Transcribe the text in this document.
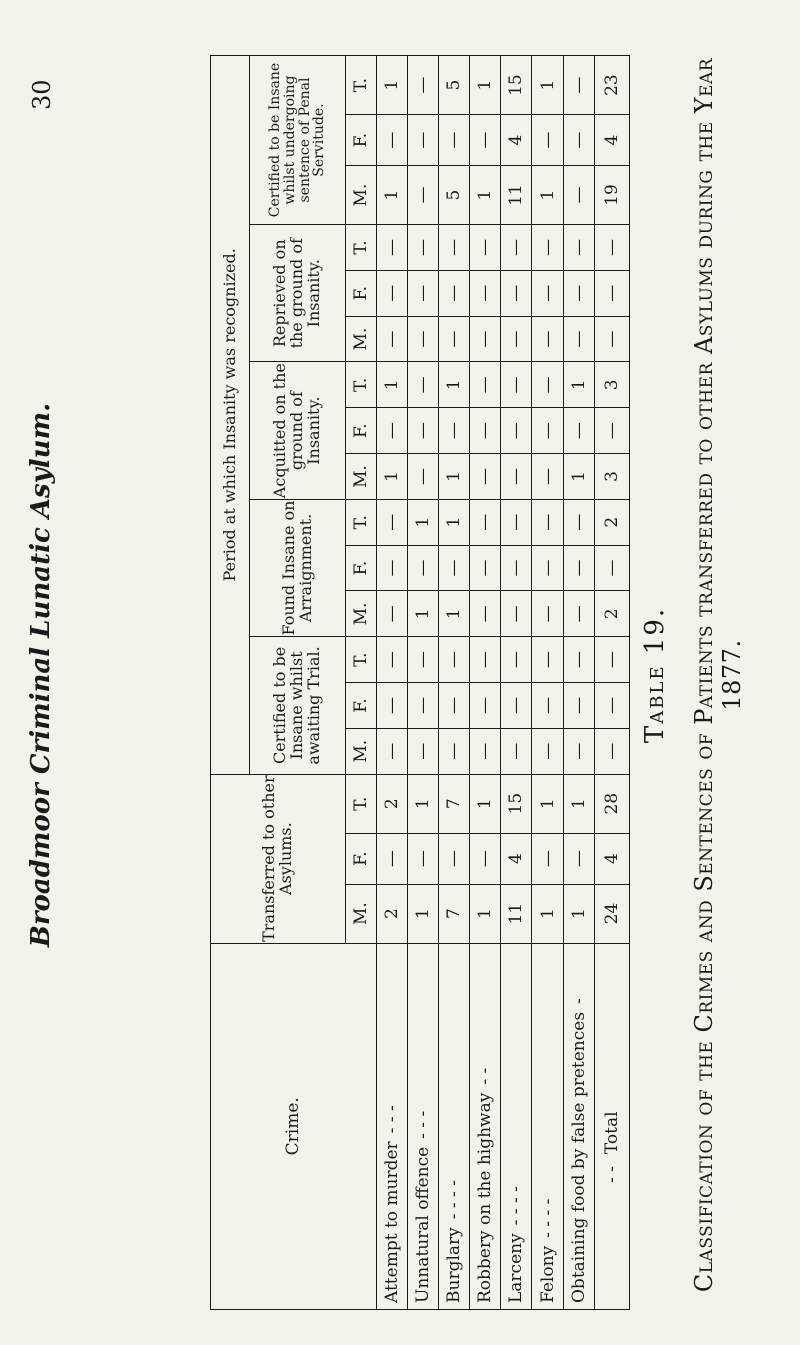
30
Broadmoor Criminal Lunatic Asylum.
Crime.	Transferred to other Asylums.			Period at which Insanity was recognized.														
				Certified to be Insane whilst awaiting Trial.			Found Insane on Arraignment.			Acquitted on the ground of Insanity.			Reprieved on the ground of Insanity.			Certified to be Insane whilst undergoing sentence of Penal Servitude.		
	M.	F.	T.	M.	F.	T.	M.	F.	T.	M.	F.	T.	M.	F.	T.	M.	F.	T.
Attempt to murder- - -	2	—	2	—	—	—	—	—	—	1	—	1	—	—	—	1	—	1
Unnatural offence- - -	1	—	1	—	—	—	1	—	1	—	—	—	—	—	—	—	—	—
Burglary- - - -	7	—	7	—	—	—	1	—	1	1	—	1	—	—	—	5	—	5
Robbery on the highway- -	1	—	1	—	—	—	—	—	—	—	—	—	—	—	—	1	—	1
Larceny- - - -	11	4	15	—	—	—	—	—	—	—	—	—	—	—	—	11	4	15
Felony- - - -	1	—	1	—	—	—	—	—	—	—	—	—	—	—	—	1	—	1
Obtaining food by false pretences-	1	—	1	—	—	—	—	—	—	1	—	1	—	—	—	—	—	—
- -Total	24	4	28	—	—	—	2	—	2	3	—	3	—	—	—	19	4	23
Table 19. Classification of the Crimes and Sentences of Patients transferred to other Asylums during the Year 1877.
